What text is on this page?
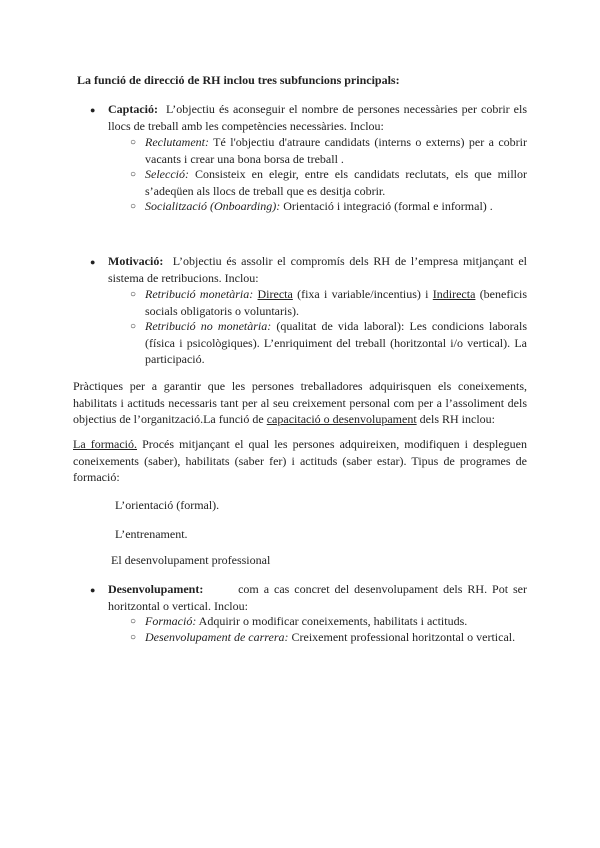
La funció de direcció de RH inclou tres subfuncions principals:
● Captació: L’objectiu és aconseguir el nombre de persones necessàries per cobrir els llocs de treball amb les competències necessàries. Inclou:
○ Reclutament: Té l'objectiu d'atraure candidats (interns o externs) per a cobrir vacants i crear una bona borsa de treball .
○ Selecció: Consisteix en elegir, entre els candidats reclutats, els que millor s’adeqüen als llocs de treball que es desitja cobrir.
○ Socialització (Onboarding): Orientació i integració (formal e informal) .
● Motivació: L’objectiu és assolir el compromís dels RH de l’empresa mitjançant el sistema de retribucions. Inclou:
○ Retribució monetària: Directa (fixa i variable/incentius) i Indirecta (beneficis socials obligatoris o voluntaris).
○ Retribució no monetària: (qualitat de vida laboral): Les condicions laborals (física i psicològiques). L’enriquiment del treball (horitzontal i/o vertical). La participació.
Pràctiques per a garantir que les persones treballadores adquirisquen els coneixements, habilitats i actituds necessaris tant per al seu creixement personal com per a l’assoliment dels objectius de l’organització.La funció de capacitació o desenvolupament dels RH inclou:
La formació. Procés mitjançant el qual les persones adquireixen, modifiquen i despleguen coneixements (saber), habilitats (saber fer) i actituds (saber estar). Tipus de programes de formació:
L’orientació (formal).
L’entrenament.
El desenvolupament professional
● Desenvolupament:	com a cas concret del desenvolupament dels RH. Pot ser horitzontal o vertical. Inclou:
○ Formació: Adquirir o modificar coneixements, habilitats i actituds.
○ Desenvolupament de carrera: Creixement professional horitzontal o vertical.
